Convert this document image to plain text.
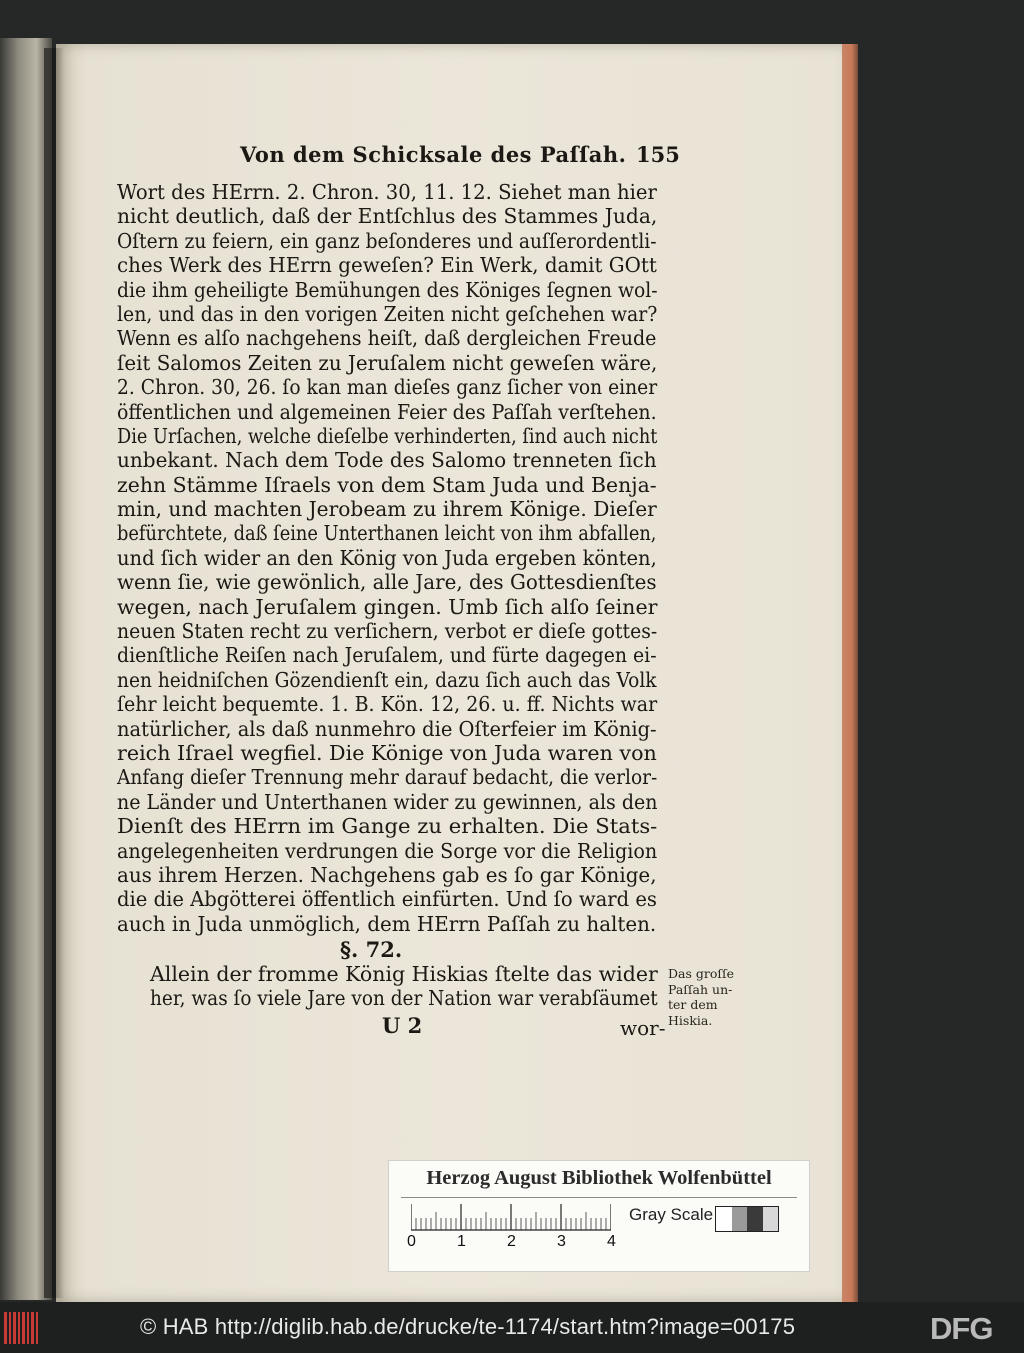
Von dem Schicksale des Paſſah. 155
Wort des HErrn. 2. Chron. 30, 11. 12. Siehet man hier
nicht deutlich, daß der Entſchlus des Stammes Juda,
Oſtern zu feiern, ein ganz beſonderes und auſſerordentli-
ches Werk des HErrn geweſen? Ein Werk, damit GOtt
die ihm geheiligte Bemühungen des Königes ſegnen wol-
len, und das in den vorigen Zeiten nicht geſchehen war?
Wenn es alſo nachgehens heiſt, daß dergleichen Freude
ſeit Salomos Zeiten zu Jeruſalem nicht geweſen wäre,
2. Chron. 30, 26. ſo kan man dieſes ganz ſicher von einer
öffentlichen und algemeinen Feier des Paſſah verſtehen.
Die Urſachen, welche dieſelbe verhinderten, ſind auch nicht
unbekant. Nach dem Tode des Salomo trenneten ſich
zehn Stämme Iſraels von dem Stam Juda und Benja-
min, und machten Jerobeam zu ihrem Könige. Dieſer
befürchtete, daß ſeine Unterthanen leicht von ihm abfallen,
und ſich wider an den König von Juda ergeben könten,
wenn ſie, wie gewönlich, alle Jare, des Gottesdienſtes
wegen, nach Jeruſalem gingen. Umb ſich alſo ſeiner
neuen Staten recht zu verſichern, verbot er dieſe gottes-
dienſtliche Reiſen nach Jeruſalem, und fürte dagegen ei-
nen heidniſchen Gözendienſt ein, dazu ſich auch das Volk
ſehr leicht bequemte. 1. B. Kön. 12, 26. u. ff. Nichts war
natürlicher, als daß nunmehro die Oſterfeier im König-
reich Iſrael wegfiel. Die Könige von Juda waren von
Anfang dieſer Trennung mehr darauf bedacht, die verlor-
ne Länder und Unterthanen wider zu gewinnen, als den
Dienſt des HErrn im Gange zu erhalten. Die Stats-
angelegenheiten verdrungen die Sorge vor die Religion
aus ihrem Herzen. Nachgehens gab es ſo gar Könige,
die die Abgötterei öffentlich einfürten. Und ſo ward es
auch in Juda unmöglich, dem HErrn Paſſah zu halten.
§. 72.
Allein der fromme König Hiskias ſtelte das wider
her, was ſo viele Jare von der Nation war verabſäumet
U 2	wor-
Das groſſe
Paſſah un-
ter dem
Hiskia.
Herzog August Bibliothek Wolfenbüttel
0	1	2	3	4
Gray Scale
© HAB http://diglib.hab.de/drucke/te-1174/start.htm?image=00175	DFG
